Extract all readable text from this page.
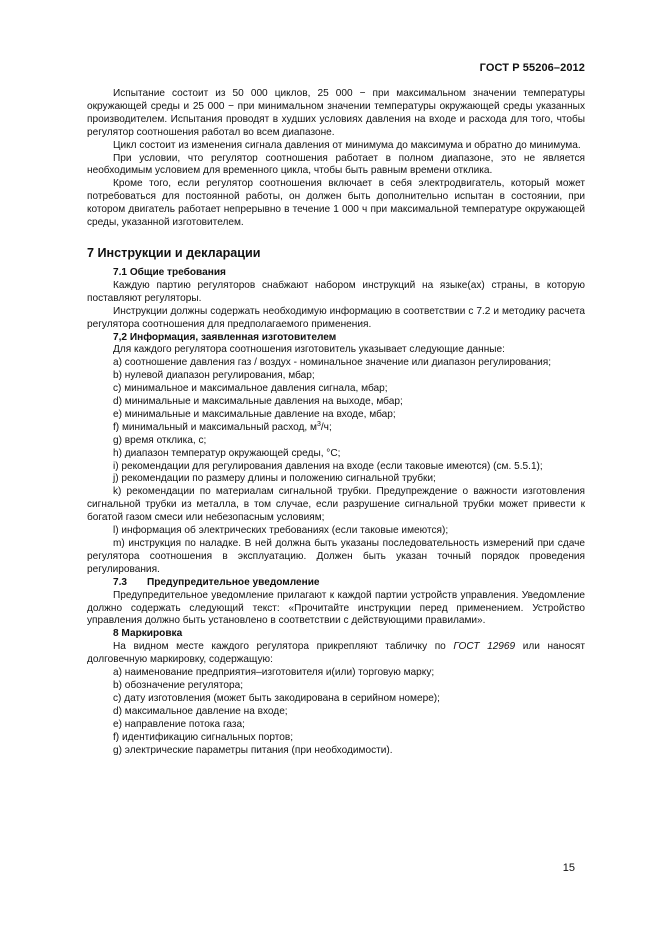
ГОСТ Р 55206–2012

Испытание состоит из 50 000 циклов, 25 000 − при максимальном значении температуры окружающей среды и 25 000 − при минимальном значении температуры окружающей среды указанных производителем. Испытания проводят в худших условиях давления на входе и расхода для того, чтобы регулятор соотношения работал во всем диапазоне.

Цикл состоит из изменения сигнала давления от минимума до максимума и обратно до минимума.

При условии, что регулятор соотношения работает в полном диапазоне, это не является необходимым условием для временного цикла, чтобы быть равным времени отклика.

Кроме того, если регулятор соотношения включает в себя электродвигатель, который может потребоваться для постоянной работы, он должен быть дополнительно испытан в состоянии, при котором двигатель работает непрерывно в течение 1 000 ч при максимальной температуре окружающей среды, указанной изготовителем.

7 Инструкции и декларации

7.1 Общие требования

Каждую партию регуляторов снабжают набором инструкций на языке(ах) страны, в которую поставляют регуляторы.

Инструкции должны содержать необходимую информацию в соответствии с 7.2 и методику расчета регулятора соотношения для предполагаемого применения.

7,2 Информация, заявленная изготовителем

Для каждого регулятора соотношения изготовитель указывает следующие данные:

a) соотношение давления газ / воздух - номинальное значение или диапазон регулирования;

b) нулевой диапазон регулирования, мбар;

c) минимальное и максимальное давления сигнала, мбар;

d) минимальные и максимальные давления на выходе, мбар;

e) минимальные и максимальные давление на входе, мбар;

f) минимальный и максимальный расход, $м^3/ч$;

g) время отклика, с;

h) диапазон температур окружающей среды, °С;

i) рекомендации для регулирования давления на входе (если таковые имеются) (см. 5.5.1);

j) рекомендации по размеру длины и положению сигнальной трубки;

k) рекомендации по материалам сигнальной трубки. Предупреждение о важности изготовления сигнальной трубки из металла, в том случае, если разрушение сигнальной трубки может привести к богатой газом смеси или небезопасным условиям;

l) информация об электрических требованиях (если таковые имеются);

m) инструкция по наладке. В ней должна быть указаны последовательность измерений при сдаче регулятора соотношения в эксплуатацию. Должен быть указан точный порядок проведения регулирования.

7.3 Предупредительное уведомление

Предупредительное уведомление прилагают к каждой партии устройств управления. Уведомление должно содержать следующий текст: «Прочитайте инструкции перед применением. Устройство управления должно быть установлено в соответствии с действующими правилами».

8 Маркировка

На видном месте каждого регулятора прикрепляют табличку по ГОСТ 12969 или наносят долговечную маркировку, содержащую:

a) наименование предприятия–изготовителя и(или) торговую марку;

b) обозначение регулятора;

c) дату изготовления (может быть закодирована в серийном номере);

d) максимальное давление на входе;

e) направление потока газа;

f) идентификацию сигнальных портов;

g) электрические параметры питания (при необходимости).

15
